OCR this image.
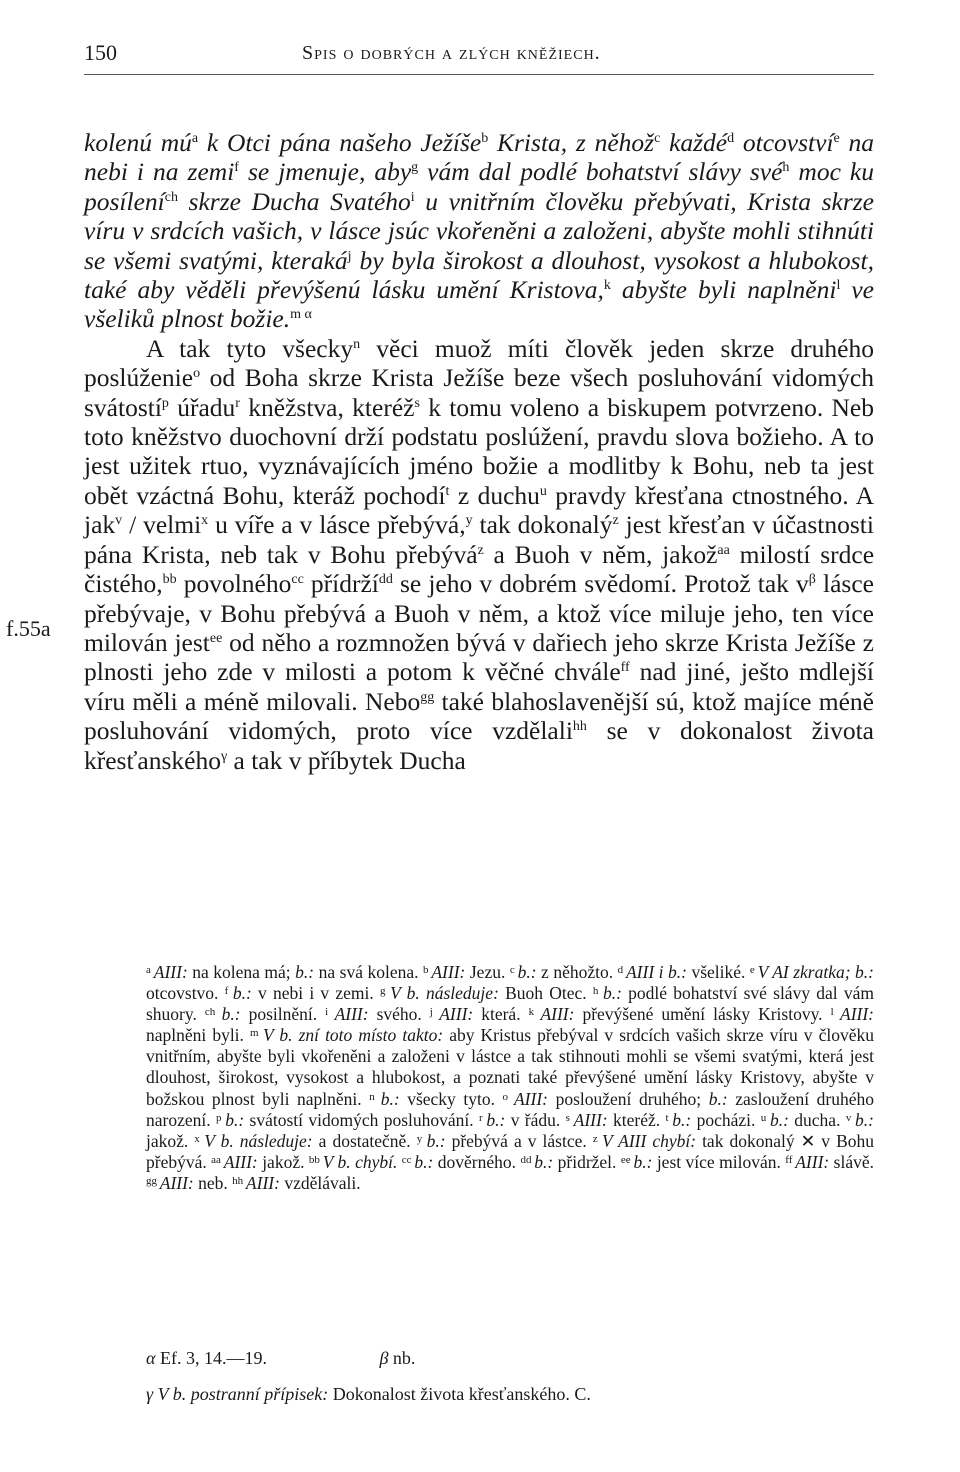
150	Spis o dobrých a zlých kněžiech.
f.55a

kolenú $mú^a$ k Otci pána našeho Ježíše$^b$ Krista, z něhož$^c$ každé$^d$ otcovství$^e$ na nebi i na zemi$^f$ se jmenuje, aby$^g$ vám dal podlé bohatství slávy své$^h$ moc ku posílení$^{ch}$ skrze Ducha Svatého$^i$ u vnitřním člověku přebývati, Krista skrze víru v srdcích vašich, v lásce jsúc vkořeněni a založeni, abyšte mohli stihnúti se všemi svatými, kteraká$^j$ by byla širokost a dlouhost, vysokost a hlubokost, také aby věděli převýšenú lásku umění Kristova,$^k$ abyšte byli naplněni$^l$ ve všeliků plnost božie.$^{m \alpha}$

A tak tyto všecky$^n$ věci muož míti člověk jeden skrze druhého poslúženie$^o$ od Boha skrze Krista Ježíše beze všech posluhování vidomých svátostí$^p$ úřadu$^r$ kněžstva, kteréž$^s$ k tomu voleno a biskupem potvrzeno. Neb toto kněžstvo duochovní drží podstatu poslúžení, pravdu slova božieho. A to jest užitek rtuo, vyznávajících jméno božie a modlitby k Bohu, neb ta jest obět vzáctná Bohu, kteráž pochodí$^t$ z duchu$^u$ pravdy křesťana ctnostného. A jak$^v$ / velmi$^x$ u víře a v lásce přebývá,$^y$ tak dokonalý$^z$ jest křesťan v účastnosti pána Krista, neb tak v Bohu přebývá$^z$ a Buoh v něm, jakož$^{aa}$ milostí srdce čistého,$^{bb}$ povolného$^{cc}$ přídrží$^{dd}$ se jeho v dobrém svědomí. Protož tak $v^\beta$ lásce přebývaje, v Bohu přebývá a Buoh v něm, a ktož více miluje jeho, ten více milován jest$^{ee}$ od něho a rozmnožen bývá v dařiech jeho skrze Krista Ježíše z plnosti jeho zde v milosti a potom k věčné chvále$^{ff}$ nad jiné, ješto mdlejší víru měli a méně milovali. Nebo$^{gg}$ také blahoslavenější sú, ktož majíce méně posluhování vidomých, proto více vzdělali$^{hh}$ se v dokonalost života křesťanského$^\gamma$ a tak v příbytek Ducha

$^a$ AIII: na kolena má; b.: na svá kolena. $^b$ AIII: Jezu. $^c$ b.: z něhožto. $^d$ AIII i b.: všeliké. $^e$ V AI zkratka; b.: otcovstvo. $^f$ b.: v nebi i v zemi. $^g$ V b. následuje: Buoh Otec. $^h$ b.: podlé bohatství své slávy dal vám shuory. $^{ch}$ b.: posilnění. $^i$ AIII: svého. $^j$ AIII: která. $^k$ AIII: převýšené umění lásky Kristovy. $^l$ AIII: naplněni byli. $^m$ V b. zní toto místo takto: aby Kristus přebýval v srdcích vašich skrze víru v člověku vnitřním, abyšte byli vkořeněni a založeni v lástce a tak stihnouti mohli se všemi svatými, která jest dlouhost, širokost, vysokost a hlubokost, a poznati také převýšené umění lásky Kristovy, abyšte v božskou plnost byli naplněni. $^n$ b.: všecky tyto. $^o$ AIII: posloužení druhého; b.: zasloužení druhého narození. $^p$ b.: svátostí vidomých posluhování. $^r$ b.: v řádu. $^s$ AIII: kteréž. $^t$ b.: pocházi. $^u$ b.: ducha. $^v$ b.: jakož. $^x$ V b. následuje: a dostatečně. $^y$ b.: přebývá a v lástce. $^z$ V AIII chybí: tak dokonalý ✕ v Bohu přebývá. $^{aa}$ AIII: jakož. $^{bb}$ V b. chybí. $^{cc}$ b.: dověrného. $^{dd}$ b.: přidržel. $^{ee}$ b.: jest více milován. $^{ff}$ AIII: slávě. $^{gg}$ AIII: neb. $^{hh}$ AIII: vzdělávali.

α Ef. 3, 14.—19.	β nb.

γ V b. postranní přípisek: Dokonalost života křesťanského. C.
